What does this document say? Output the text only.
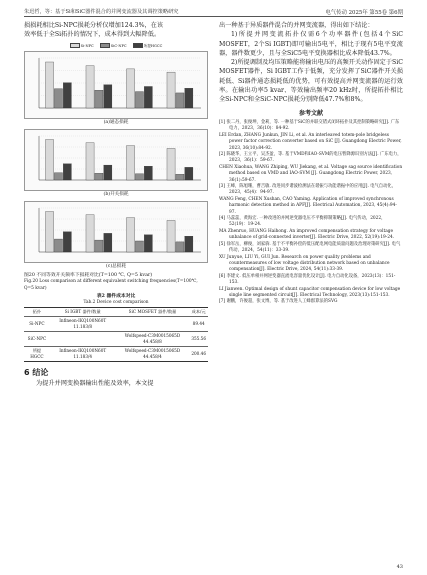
朱迅哲，等：基于Si和SiC器件混合的并网变流器及其调控策略研究	电气传动 2025年 第55卷 第6期

损损耗相比Si-NPC损耗分析仅增加124.3%，在该

效率低于全Si拓扑的情况下，成本得到大幅降低。

Si-NPC	SiC-NPC	所提HGCC

(a)通态损耗

(b)开关损耗

(c)总损耗

图20 不同等效开关频率下损耗对比(T=100 ℃, Q=5 kvar)

Fig.20 Loss comparison at different equivalent switching frequencies(T=100℃, Q=5 kvar)

表2 器件成本对比

Tab.2 Device cost comparison

拓扑	Si IGBT 器件/数量	SiC MOSFET 器件/数量	成本/元
Si-NPC	Infineon-IKQ100N60T 11.183/8		89.44
SiC-NPC		Wolfspeed-C3M0015065D 44.458/8	355.56
所提 HGCC	Infineon-IKQ100N60T 11.183/4	Wolfspeed-C3M0015065D 44.458/4	200.46
6 结论

为提升并网变换器输出性能及效率，本文提

出一种基于异质器件混合的并网变流器，得出如下结论：

1)所提并网变流拓扑仅需6个功率器件(包括4个SiC MOSFET，2个Si IGBT)即可输出5电平，相比于现有5电平变流器，器件数更少，且与全SiC5电平变换器相比成本降低43.7%。

2)所提调制及均压策略能将输出电压的高频开关动作固定于SiC MOSFET器件，Si IGBT工作于低频，充分发挥了SiC器件开关损耗低、Si器件通态损耗低的优势，可有效提高并网变流器的运行效率。在输出功率5 kvar、等效输出频率20 kHz时，所提拓扑相比全Si-NPC和全SiC-NPC损耗分别降低47.7%和8%。

参考文献

[1] 张二丹，张俊坤，金莉，等. 一种基于SiC的并联交错式闭环拓扑及其控制策略研究[J]. 广东电力，2023，36(10)：84-92.

LEI Erdan, ZHANG Junkun, JIN Li, et al. An interleaved totem-pole bridgeless power factor correction converter based on SiC [J]. Guangdong Electric Power, 2023, 36(10):84-92.

[2] 陈晓华，王立平，吴杰盈，等. 基于VMD和IAO-SVM的电压暂降源识别方法[J]. 广东电力，2023，36(1)：59-67.

CHEN Xiaohua, WANG Zhiping, WU Jiekang, et al. Voltage sag source identification method based on VMD and IAO-SVM [J]. Guangdong Electric Power, 2023, 36(1):59-67.

[3] 王峰，陈旭珊，曹吉敏. 改进同步谐波检测法在谐振与功能谐振中的应用[J]. 电气自动化，2023，45(4)：94-97.

WANG Feng, CHEN Xushan, CAO Yaming. Application of improved synchronous harmonic detection method in APF[J]. Electrical Automation, 2023, 45(4):94-97.

[4] 马蕊蕊，黄海宏. 一种改进的并网逆变器电压不平衡抑制策略[J]. 电气传动，2022，52(19)：19-24.

MA Zhenruo, HUANG Haihong. An improved compensation strategy for voltage unbalance of grid-connected inverter[J]. Electric Drive, 2022, 52(19):19-24.

[5] 徐军岳，柳俊，刘家驹. 基于不平衡补偿的低压配电网电能质量问题及治理对策研究[J]. 电气传动，2024，54(11)：33-39.

XU Junyue, LIU Yi, GUI Jun. Research on power quality problems and countermeasures of low voltage distribution network based on unbalance compensation[J]. Electric Drive, 2024, 54(11):33-39.

[6] 李建文. 低压单相并网逆变器直流电容量优化设计[J]. 电力自动化设备，2023(13)：151-153.

LI Jianwen. Optimal design of shunt capacitor compensation device for low voltage single line segmented circuit[J]. Electrical Technology, 2023(13):151-153.

[7] 谢鹏，许俊超，张文博，等. 基于改进人工蜂群算法的SVG

43
